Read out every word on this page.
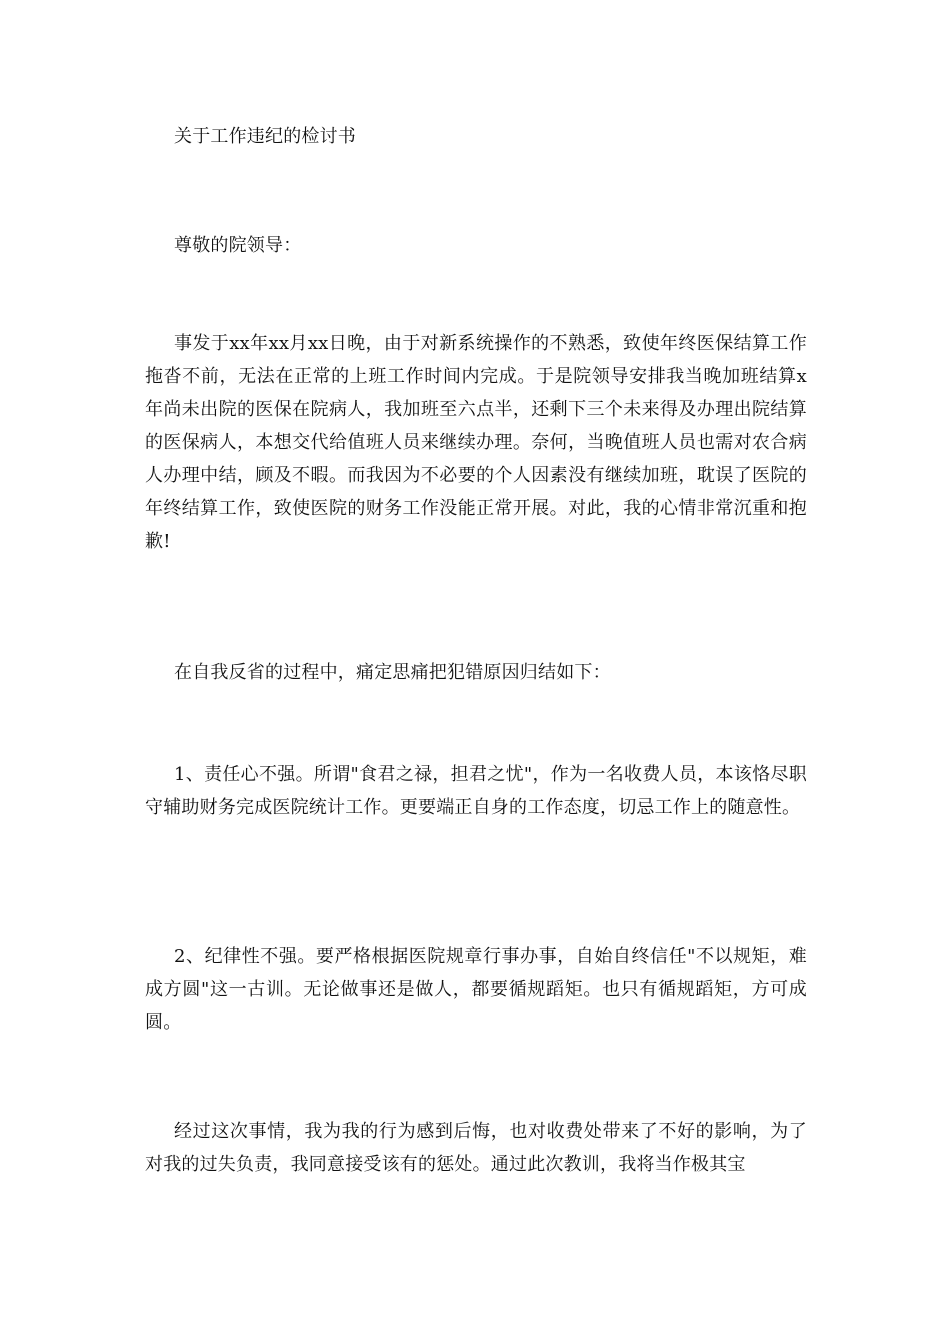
关于工作违纪的检讨书

尊敬的院领导：

事发于xx年xx月xx日晚，由于对新系统操作的不熟悉，致使年终医保结算工作拖沓不前，无法在正常的上班工作时间内完成。于是院领导安排我当晚加班结算x年尚未出院的医保在院病人，我加班至六点半，还剩下三个未来得及办理出院结算的医保病人，本想交代给值班人员来继续办理。奈何，当晚值班人员也需对农合病人办理中结，顾及不暇。而我因为不必要的个人因素没有继续加班，耽误了医院的年终结算工作，致使医院的财务工作没能正常开展。对此，我的心情非常沉重和抱歉!

在自我反省的过程中，痛定思痛把犯错原因归结如下：

1、责任心不强。所谓"食君之禄，担君之忧"，作为一名收费人员，本该恪尽职守辅助财务完成医院统计工作。更要端正自身的工作态度，切忌工作上的随意性。

2、纪律性不强。要严格根据医院规章行事办事，自始自终信任"不以规矩，难成方圆"这一古训。无论做事还是做人，都要循规蹈矩。也只有循规蹈矩，方可成圆。

经过这次事情，我为我的行为感到后悔，也对收费处带来了不好的影响，为了对我的过失负责，我同意接受该有的惩处。通过此次教训，我将当作极其宝
